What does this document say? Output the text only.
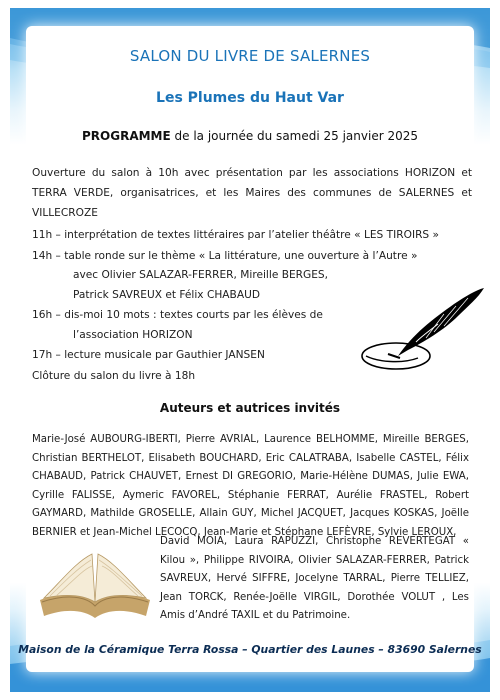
SALON DU LIVRE DE SALERNES
Les Plumes du Haut Var
PROGRAMME de la journée du samedi 25 janvier 2025
Ouverture du salon à 10h avec présentation par les associations HORIZON et TERRA VERDE, organisatrices, et les Maires des communes de SALERNES et VILLECROZE
11h – interprétation de textes littéraires par l’atelier théâtre « LES TIROIRS »
14h – table ronde sur le thème « La littérature, une ouverture à l’Autre »
avec Olivier SALAZAR-FERRER, Mireille BERGES,
Patrick SAVREUX et Félix CHABAUD
16h – dis-moi 10 mots : textes courts par les élèves de
l’association HORIZON
17h – lecture musicale par Gauthier JANSEN
Clôture du salon du livre à 18h
Auteurs et autrices invités
Marie-José AUBOURG-IBERTI, Pierre AVRIAL, Laurence BELHOMME, Mireille BERGES, Christian BERTHELOT, Elisabeth BOUCHARD, Eric CALATRABA, Isabelle CASTEL, Félix CHABAUD, Patrick CHAUVET, Ernest DI GREGORIO, Marie-Hélène DUMAS, Julie EWA, Cyrille FALISSE, Aymeric FAVOREL, Stéphanie FERRAT, Aurélie FRASTEL, Robert GAYMARD, Mathilde GROSELLE, Allain GUY, Michel JACQUET, Jacques KOSKAS, Joëlle BERNIER et Jean-Michel LECOCQ, Jean-Marie et Stéphane LEFÈVRE, Sylvie LEROUX,
David MOIA, Laura RAPUZZI, Christophe REVERTEGAT « Kilou », Philippe RIVOIRA, Olivier SALAZAR-FERRER, Patrick SAVREUX, Hervé SIFFRE, Jocelyne TARRAL, Pierre TELLIEZ, Jean TORCK, Renée-Joëlle VIRGIL, Dorothée VOLUT , Les Amis d’André TAXIL et du Patrimoine.
Maison de la Céramique Terra Rossa – Quartier des Launes – 83690 Salernes
